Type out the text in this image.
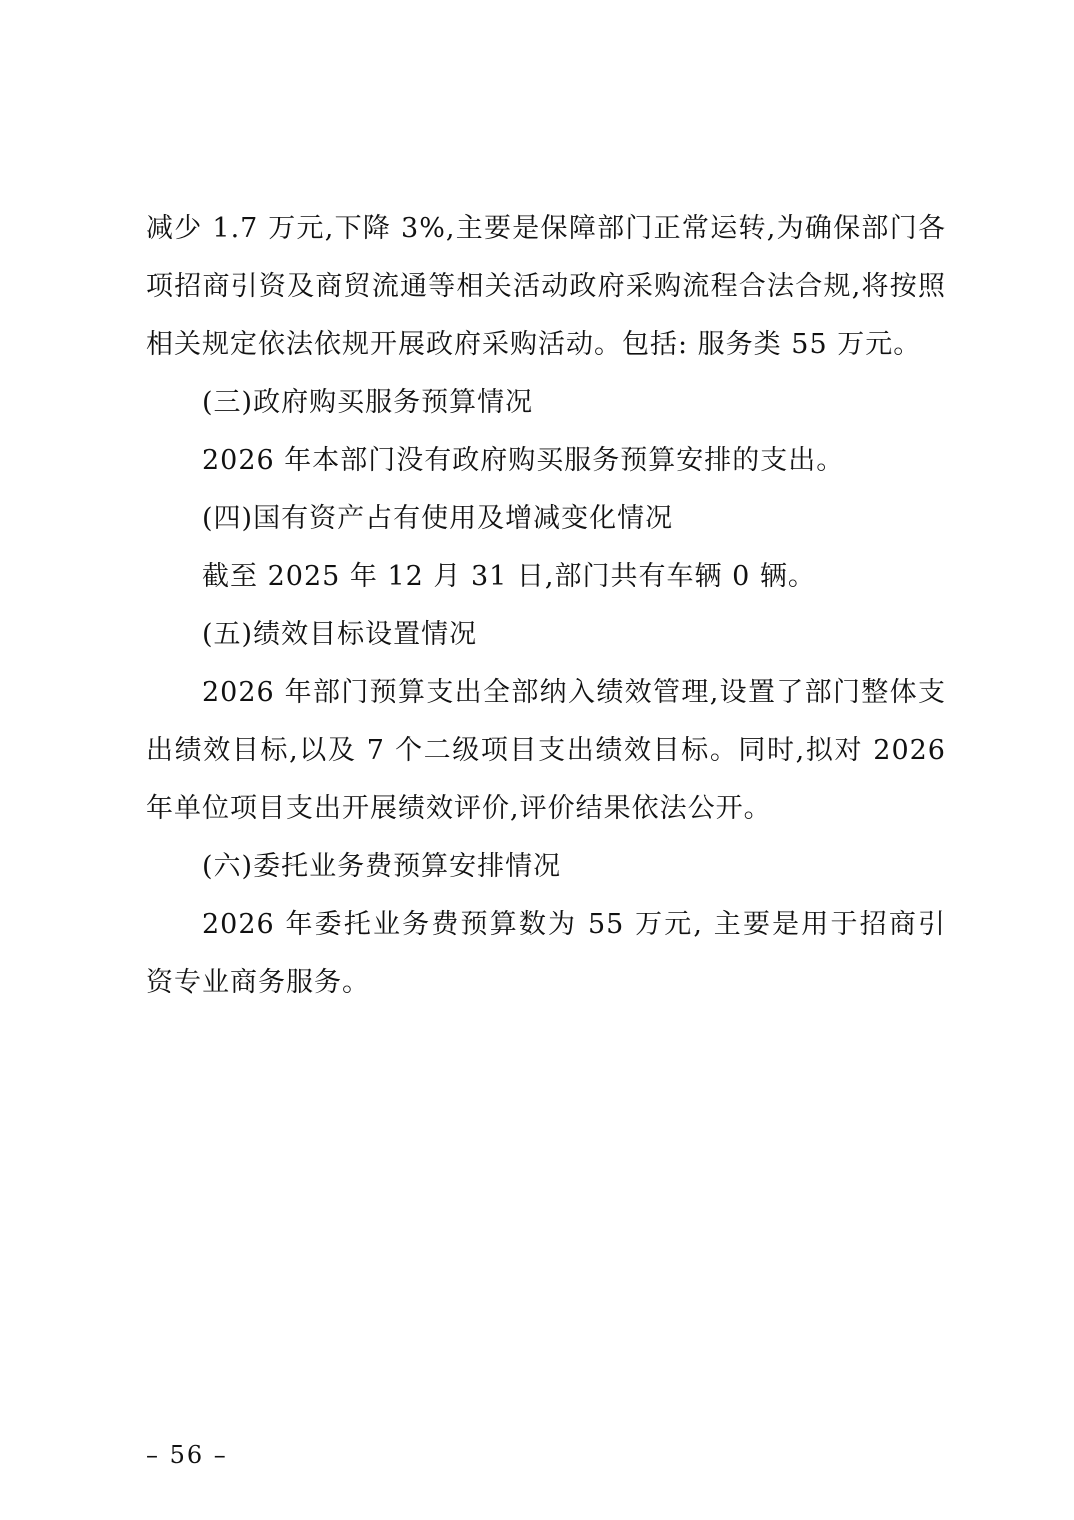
减少 1.7 万元,下降 3%,主要是保障部门正常运转,为确保部门各项招商引资及商贸流通等相关活动政府采购流程合法合规,将按照相关规定依法依规开展政府采购活动。包括: 服务类 55 万元。

(三)政府购买服务预算情况

2026 年本部门没有政府购买服务预算安排的支出。

(四)国有资产占有使用及增减变化情况

截至 2025 年 12 月 31 日,部门共有车辆 0 辆。

(五)绩效目标设置情况

2026 年部门预算支出全部纳入绩效管理,设置了部门整体支出绩效目标,以及 7 个二级项目支出绩效目标。同时,拟对 2026 年单位项目支出开展绩效评价,评价结果依法公开。

(六)委托业务费预算安排情况

2026 年委托业务费预算数为 55 万元, 主要是用于招商引资专业商务服务。

– 56 –
